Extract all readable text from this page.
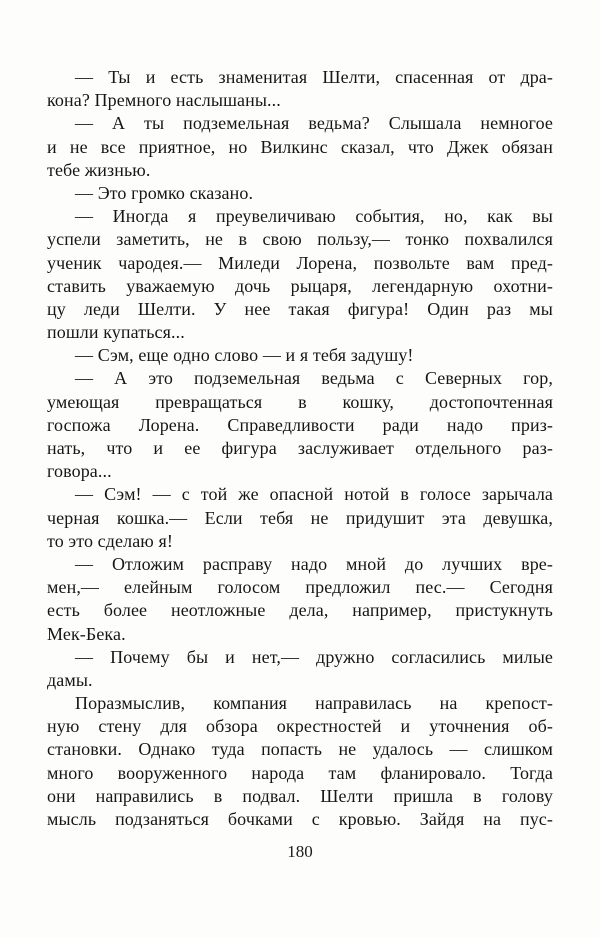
— Ты и есть знаменитая Шелти, спасенная от дра-
кона? Премного наслышаны...
— А ты подземельная ведьма? Слышала немногое
и не все приятное, но Вилкинс сказал, что Джек обязан
тебе жизнью.
— Это громко сказано.
— Иногда я преувеличиваю события, но, как вы
успели заметить, не в свою пользу,— тонко похвалился
ученик чародея.— Миледи Лорена, позвольте вам пред-
ставить уважаемую дочь рыцаря, легендарную охотни-
цу леди Шелти. У нее такая фигура! Один раз мы
пошли купаться...
— Сэм, еще одно слово — и я тебя задушу!
— А это подземельная ведьма с Северных гор,
умеющая превращаться в кошку, достопочтенная
госпожа Лорена. Справедливости ради надо приз-
нать, что и ее фигура заслуживает отдельного раз-
говора...
— Сэм! — с той же опасной нотой в голосе зарычала
черная кошка.— Если тебя не придушит эта девушка,
то это сделаю я!
— Отложим расправу надо мной до лучших вре-
мен,— елейным голосом предложил пес.— Сегодня
есть более неотложные дела, например, пристукнуть
Мек-Бека.
— Почему бы и нет,— дружно согласились милые
дамы.
Поразмыслив, компания направилась на крепост-
ную стену для обзора окрестностей и уточнения об-
становки. Однако туда попасть не удалось — слишком
много вооруженного народа там фланировало. Тогда
они направились в подвал. Шелти пришла в голову
мысль подзаняться бочками с кровью. Зайдя на пус-
180
